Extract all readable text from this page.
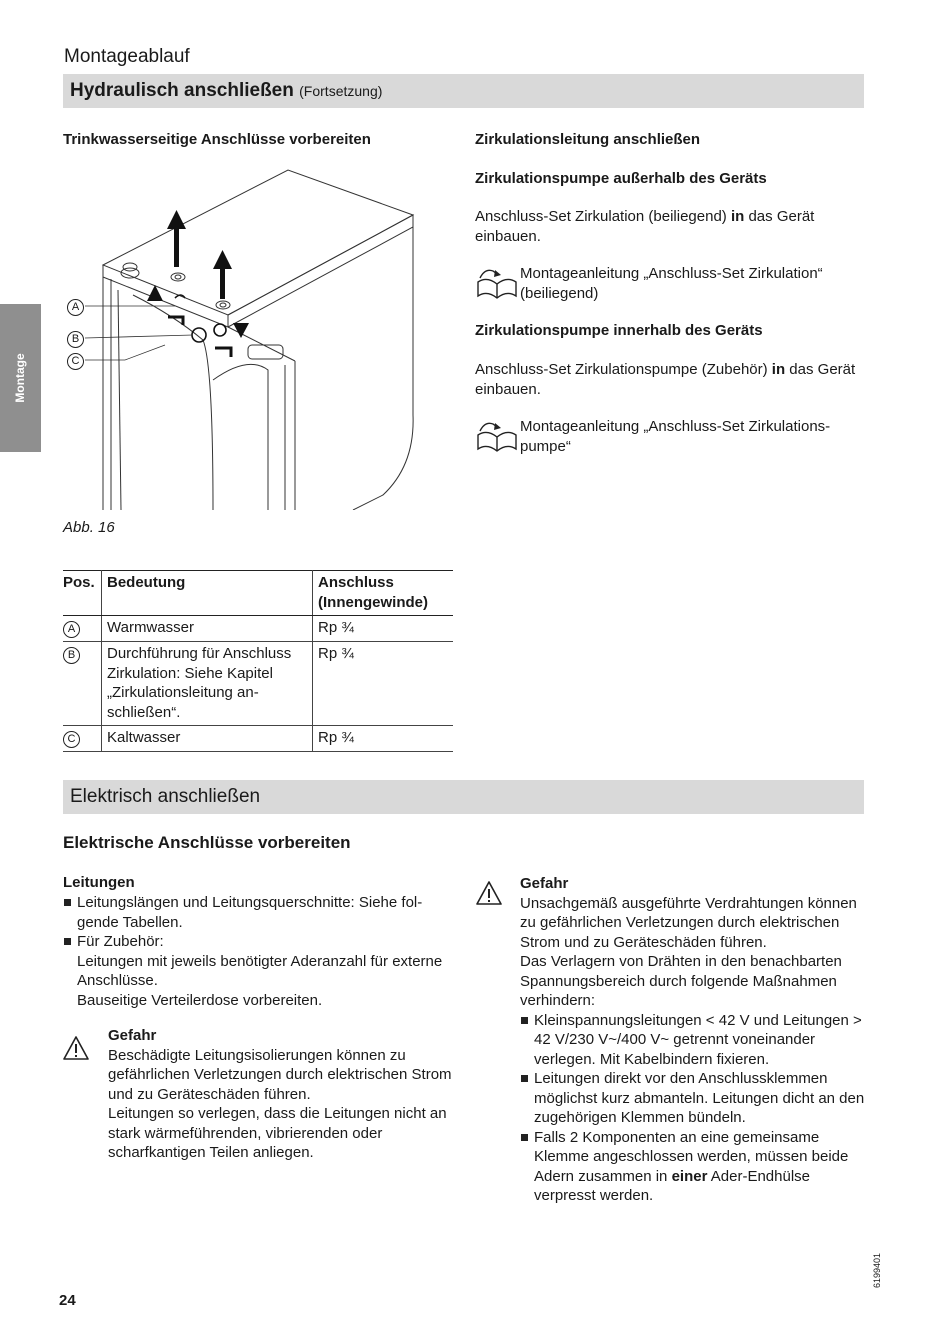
Montageablauf
Hydraulisch anschließen (Fortsetzung)
Montage
Trinkwasserseitige Anschlüsse vorbereiten
A
B
C
Abb. 16
Pos.	Bedeutung	Anschluss (Innengewinde)
A	Warmwasser	Rp ¾
B	Durchführung für Anschluss Zirkulation: Siehe Kapitel „Zirkulationsleitung anschließen“.	Rp ¾
C	Kaltwasser	Rp ¾
Zirkulationsleitung anschließen
Zirkulationspumpe außerhalb des Geräts
Anschluss-Set Zirkulation (beiliegend) in das Gerät einbauen.
Montageanleitung „Anschluss-Set Zirkulation“ (beiliegend)
Zirkulationspumpe innerhalb des Geräts
Anschluss-Set Zirkulationspumpe (Zubehör) in das Gerät einbauen.
Montageanleitung „Anschluss-Set Zirkulations-
pumpe“
Elektrisch anschließen
Elektrische Anschlüsse vorbereiten
Leitungen
Leitungslängen und Leitungsquerschnitte: Siehe folgende Tabellen.
Für Zubehör:
Leitungen mit jeweils benötigter Aderanzahl für externe Anschlüsse.
Bauseitige Verteilerdose vorbereiten.
Gefahr
Beschädigte Leitungsisolierungen können zu gefährlichen Verletzungen durch elektrischen Strom und zu Geräteschäden führen.
Leitungen so verlegen, dass die Leitungen nicht an stark wärmeführenden, vibrierenden oder scharfkantigen Teilen anliegen.
Gefahr
Unsachgemäß ausgeführte Verdrahtungen können zu gefährlichen Verletzungen durch elektrischen Strom und zu Geräteschäden führen.
Das Verlagern von Drähten in den benachbarten Spannungsbereich durch folgende Maßnahmen verhindern:
Kleinspannungsleitungen < 42 V und Leitungen > 42 V/230 V~/400 V~ getrennt voneinander verlegen. Mit Kabelbindern fixieren.
Leitungen direkt vor den Anschlussklemmen möglichst kurz abmanteln. Leitungen dicht an den zugehörigen Klemmen bündeln.
Falls 2 Komponenten an eine gemeinsame Klemme angeschlossen werden, müssen beide Adern zusammen in einer Ader-Endhülse verpresst werden.
6199401
24
